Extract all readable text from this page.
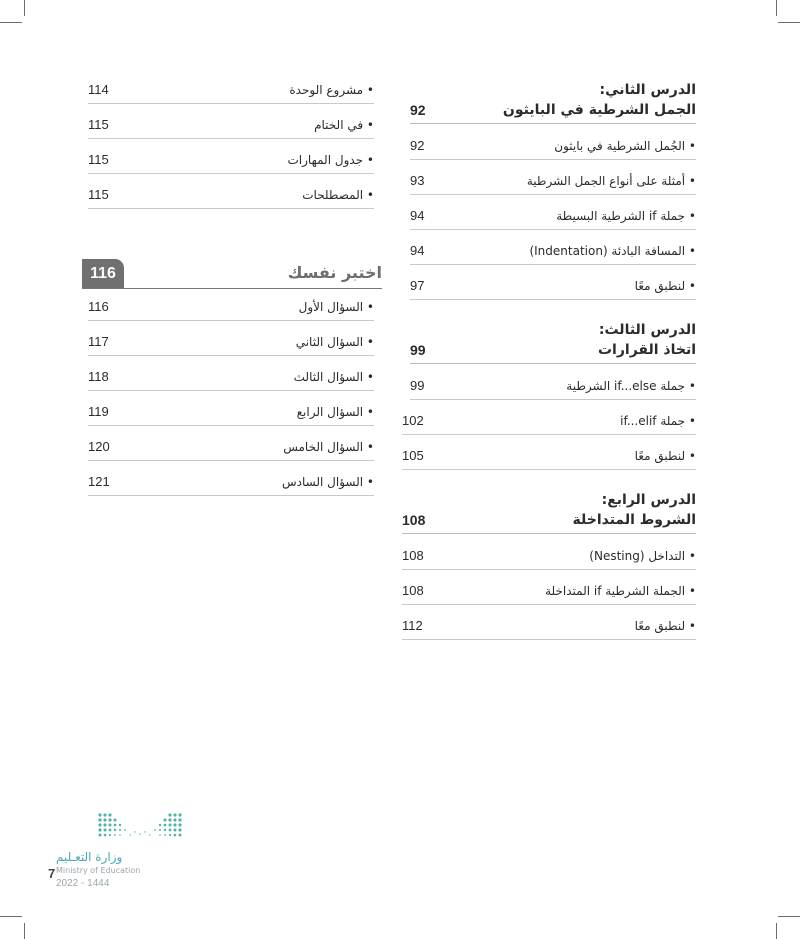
الدرس الثاني:
الجمل الشرطية في البايثون
92
• الجُمل الشرطية في بايثون
92
• أمثلة على أنواع الجمل الشرطية
93
• جملة if الشرطية البسيطة
94
• المسافة البادئة (Indentation)
94
• لنطبق معًا
97
الدرس الثالث:
اتخاذ القرارات
99
• جملة if...else الشرطية
99
• جملة if...elif
102
• لنطبق معًا
105
الدرس الرابع:
الشروط المتداخلة
108
• التداخل (Nesting)
108
• الجملة الشرطية if المتداخلة
108
• لنطبق معًا
112
• مشروع الوحدة
114
• في الختام
115
• جدول المهارات
115
• المصطلحات
115
اختبر نفسك
116
• السؤال الأول
116
• السؤال الثاني
117
• السؤال الثالث
118
• السؤال الرابع
119
• السؤال الخامس
120
• السؤال السادس
121
وزارة التعـليم
Ministry of Education
2022 - 1444
7
